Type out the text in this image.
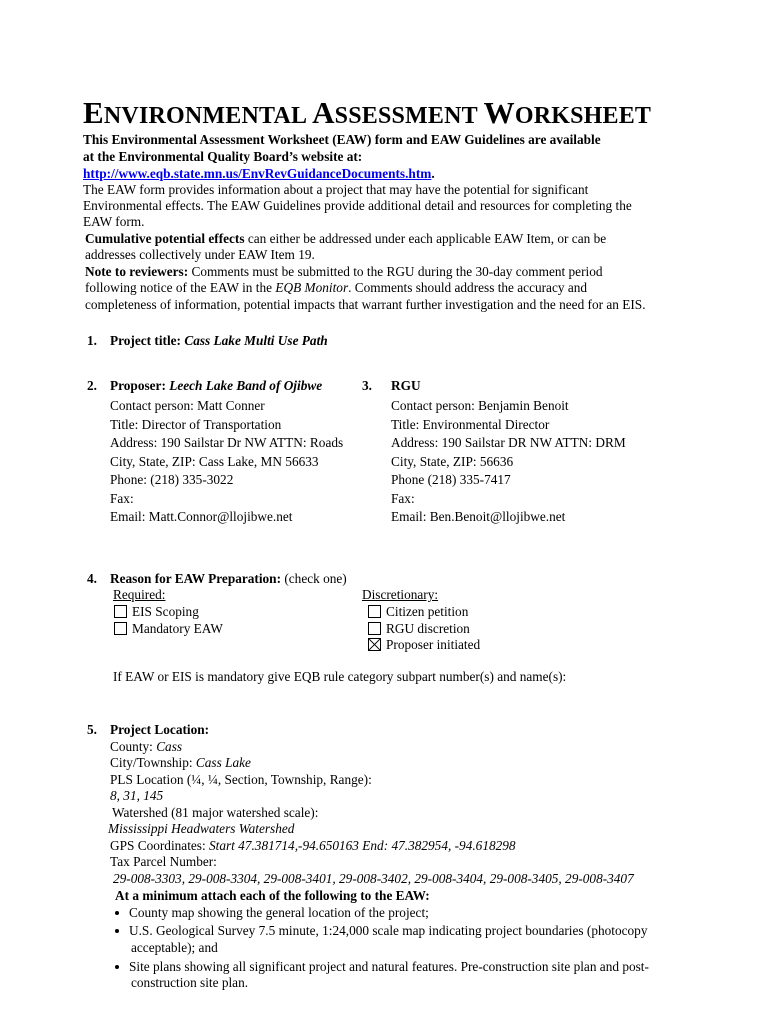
ENVIRONMENTAL ASSESSMENT WORKSHEET
This Environmental Assessment Worksheet (EAW) form and EAW Guidelines are available
at the Environmental Quality Board’s website at:
http://www.eqb.state.mn.us/EnvRevGuidanceDocuments.htm.
The EAW form provides information about a project that may have the potential for significant
Environmental effects. The EAW Guidelines provide additional detail and resources for completing the
EAW form.
Cumulative potential effects can either be addressed under each applicable EAW Item, or can be
addresses collectively under EAW Item 19.
Note to reviewers: Comments must be submitted to the RGU during the 30-day comment period
following notice of the EAW in the EQB Monitor. Comments should address the accuracy and
completeness of information, potential impacts that warrant further investigation and the need for an EIS.
1. Project title: Cass Lake Multi Use Path
2. Proposer: Leech Lake Band of Ojibwe
Contact person: Matt Conner
Title: Director of Transportation
Address: 190 Sailstar Dr NW ATTN: Roads
City, State, ZIP: Cass Lake, MN 56633
Phone: (218) 335-3022
Fax:
Email: Matt.Connor@llojibwe.net
3. RGU
Contact person: Benjamin Benoit
Title: Environmental Director
Address: 190 Sailstar DR NW ATTN: DRM
City, State, ZIP: 56636
Phone (218) 335-7417
Fax:
Email: Ben.Benoit@llojibwe.net
4. Reason for EAW Preparation: (check one)
Required:
EIS Scoping
Mandatory EAW
Discretionary:
Citizen petition
RGU discretion
Proposer initiated
If EAW or EIS is mandatory give EQB rule category subpart number(s) and name(s):
5. Project Location:
County: Cass
City/Township: Cass Lake
PLS Location (¼, ¼, Section, Township, Range):
8, 31, 145
Watershed (81 major watershed scale):
Mississippi Headwaters Watershed
GPS Coordinates: Start 47.381714,-94.650163 End: 47.382954, -94.618298
Tax Parcel Number:
29-008-3303, 29-008-3304, 29-008-3401, 29-008-3402, 29-008-3404, 29-008-3405, 29-008-3407
At a minimum attach each of the following to the EAW:
County map showing the general location of the project;
U.S. Geological Survey 7.5 minute, 1:24,000 scale map indicating project boundaries (photocopy
acceptable); and
Site plans showing all significant project and natural features. Pre-construction site plan and post-
construction site plan.
